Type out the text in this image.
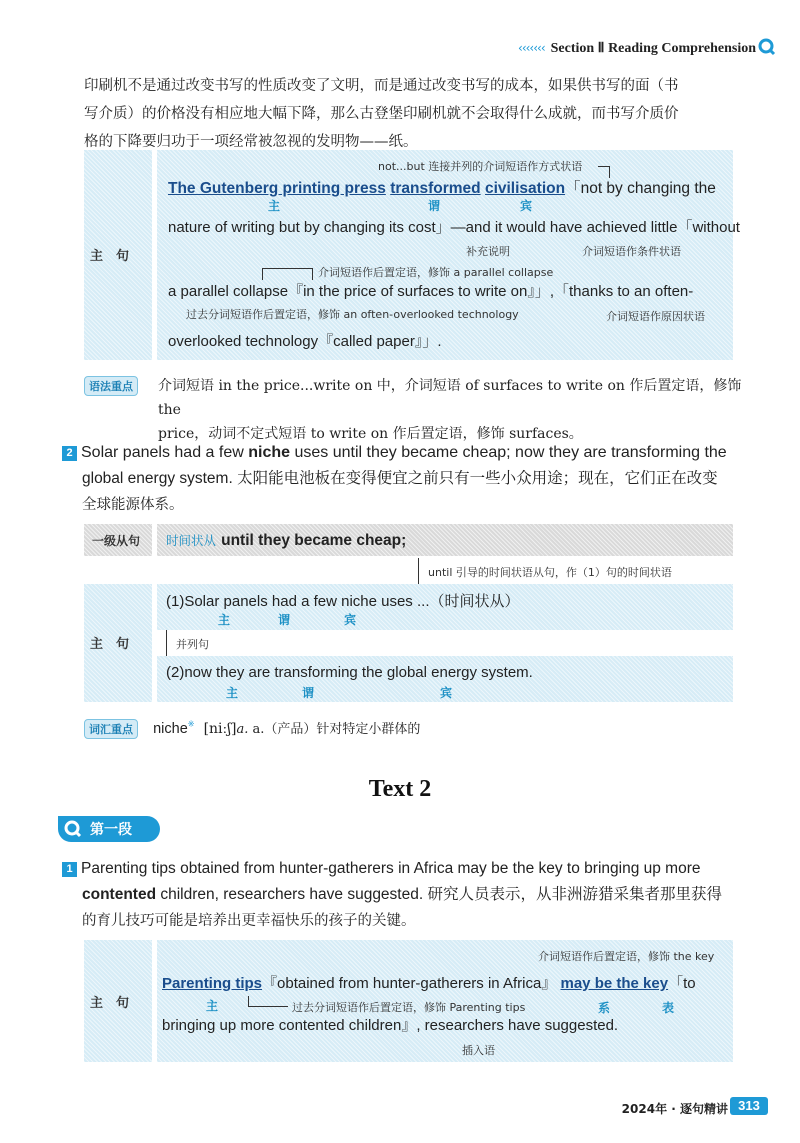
‹‹‹‹‹‹‹ Section Ⅱ Reading Comprehension
印刷机不是通过改变书写的性质改变了文明，而是通过改变书写的成本，如果供书写的面（书
写介质）的价格没有相应地大幅下降，那么古登堡印刷机就不会取得什么成就，而书写介质价
格的下降要归功于一项经常被忽视的发明物——纸。
主　句
not...but 连接并列的介词短语作方式状语
The Gutenberg printing press transformed civilisation「not by changing the
主	谓	宾
nature of writing but by changing its cost」—and it would have achieved little「without
补充说明	介词短语作条件状语
介词短语作后置定语，修饰 a parallel collapse
a parallel collapse『in the price of surfaces to write on』」,「thanks to an often-
过去分词短语作后置定语，修饰 an often-overlooked technology	介词短语作原因状语
overlooked technology『called paper』」.
语法重点	介词短语 in the price...write on 中，介词短语 of surfaces to write on 作后置定语，修饰 the
price，动词不定式短语 to write on 作后置定语，修饰 surfaces。
2 Solar panels had a few niche uses until they became cheap; now they are transforming the
global energy system. 太阳能电池板在变得便宜之前只有一些小众用途；现在，它们正在改变
全球能源体系。
一级从句 时间状从 until they became cheap;
until 引导的时间状语从句，作（1）句的时间状语
主　句
(1)Solar panels had a few niche uses ...（时间状从）
主	谓	宾
并列句
(2)now they are transforming the global energy system.
主	谓	宾
词汇重点 niche※ [niːʃ]a. a.（产品）针对特定小群体的
Text 2
第一段
1 Parenting tips obtained from hunter-gatherers in Africa may be the key to bringing up more
contented children, researchers have suggested. 研究人员表示，从非洲游猎采集者那里获得
的育儿技巧可能是培养出更幸福快乐的孩子的关键。
主　句
介词短语作后置定语，修饰 the key
Parenting tips『obtained from hunter-gatherers in Africa』 may be the key「to
主	过去分词短语作后置定语，修饰 Parenting tips	系	表
bringing up more contented children』, researchers have suggested.
插入语
2024年 · 逐句精讲 313
